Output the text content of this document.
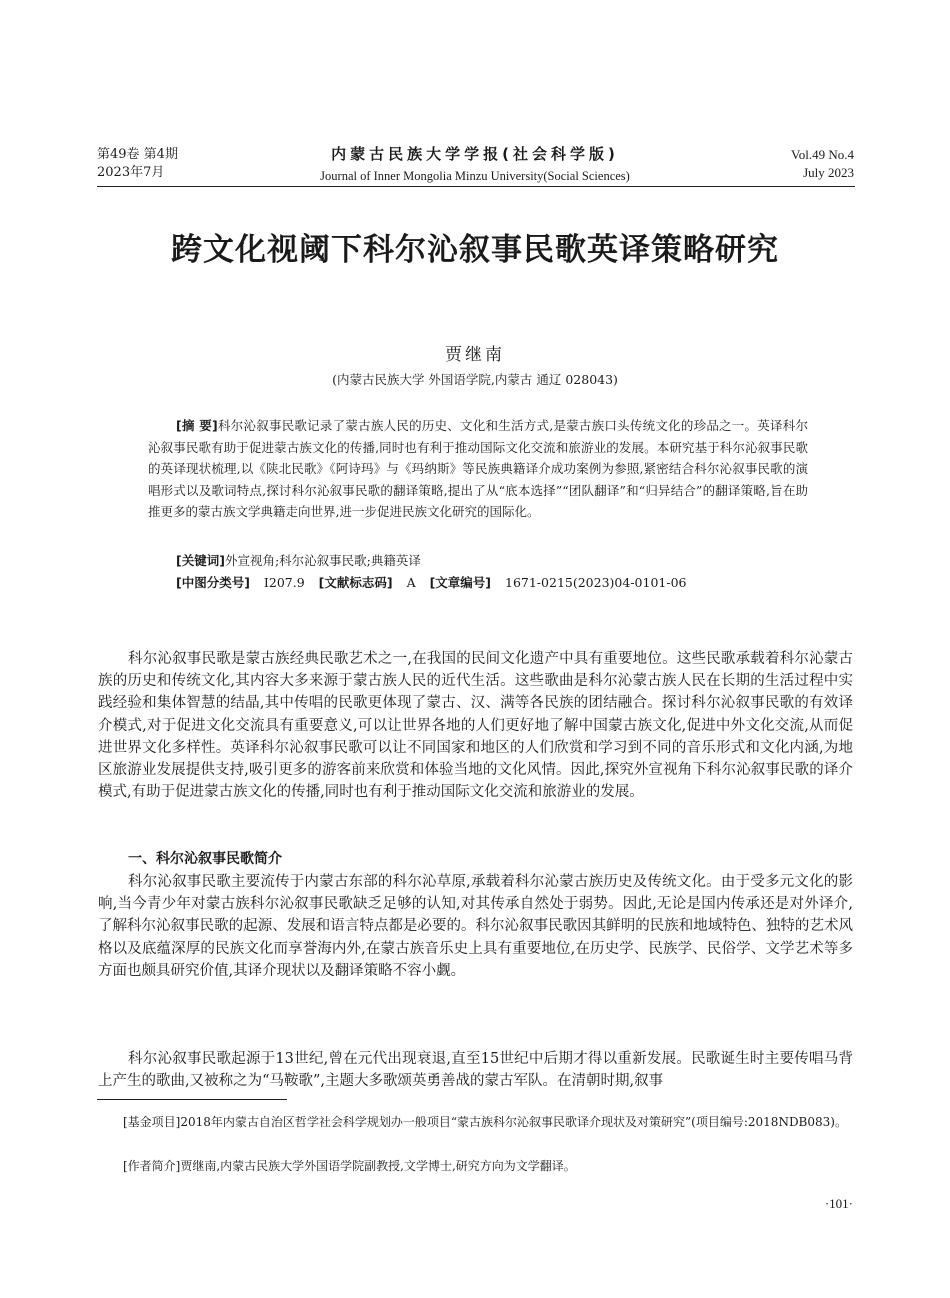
第49卷 第4期
2023年7月
内蒙古民族大学学报(社会科学版)
Journal of Inner Mongolia Minzu University(Social Sciences)
Vol.49 No.4
July 2023
跨文化视阈下科尔沁叙事民歌英译策略研究
贾继南
(内蒙古民族大学 外国语学院,内蒙古 通辽 028043)
[摘 要]科尔沁叙事民歌记录了蒙古族人民的历史、文化和生活方式,是蒙古族口头传统文化的珍品之一。英译科尔沁叙事民歌有助于促进蒙古族文化的传播,同时也有利于推动国际文化交流和旅游业的发展。本研究基于科尔沁叙事民歌的英译现状梳理,以《陕北民歌》《阿诗玛》与《玛纳斯》等民族典籍译介成功案例为参照,紧密结合科尔沁叙事民歌的演唱形式以及歌词特点,探讨科尔沁叙事民歌的翻译策略,提出了从“底本选择”“团队翻译”和“归异结合”的翻译策略,旨在助推更多的蒙古族文学典籍走向世界,进一步促进民族文化研究的国际化。
[关键词]外宣视角;科尔沁叙事民歌;典籍英译
[中图分类号] I207.9 [文献标志码] A [文章编号] 1671-0215(2023)04-0101-06

科尔沁叙事民歌是蒙古族经典民歌艺术之一,在我国的民间文化遗产中具有重要地位。这些民歌承载着科尔沁蒙古族的历史和传统文化,其内容大多来源于蒙古族人民的近代生活。这些歌曲是科尔沁蒙古族人民在长期的生活过程中实践经验和集体智慧的结晶,其中传唱的民歌更体现了蒙古、汉、满等各民族的团结融合。探讨科尔沁叙事民歌的有效译介模式,对于促进文化交流具有重要意义,可以让世界各地的人们更好地了解中国蒙古族文化,促进中外文化交流,从而促进世界文化多样性。英译科尔沁叙事民歌可以让不同国家和地区的人们欣赏和学习到不同的音乐形式和文化内涵,为地区旅游业发展提供支持,吸引更多的游客前来欣赏和体验当地的文化风情。因此,探究外宣视角下科尔沁叙事民歌的译介模式,有助于促进蒙古族文化的传播,同时也有利于推动国际文化交流和旅游业的发展。

一、科尔沁叙事民歌简介

科尔沁叙事民歌主要流传于内蒙古东部的科尔沁草原,承载着科尔沁蒙古族历史及传统文化。由于受多元文化的影响,当今青少年对蒙古族科尔沁叙事民歌缺乏足够的认知,对其传承自然处于弱势。因此,无论是国内传承还是对外译介,了解科尔沁叙事民歌的起源、发展和语言特点都是必要的。科尔沁叙事民歌因其鲜明的民族和地域特色、独特的艺术风格以及底蕴深厚的民族文化而享誉海内外,在蒙古族音乐史上具有重要地位,在历史学、民族学、民俗学、文学艺术等多方面也颇具研究价值,其译介现状以及翻译策略不容小觑。

科尔沁叙事民歌起源于13世纪,曾在元代出现衰退,直至15世纪中后期才得以重新发展。民歌诞生时主要传唱马背上产生的歌曲,又被称之为“马鞍歌”,主题大多歌颂英勇善战的蒙古军队。在清朝时期,叙事

[基金项目]2018年内蒙古自治区哲学社会科学规划办一般项目“蒙古族科尔沁叙事民歌译介现状及对策研究”(项目编号:2018NDB083)。

[作者简介]贾继南,内蒙古民族大学外国语学院副教授,文学博士,研究方向为文学翻译。

·101·
